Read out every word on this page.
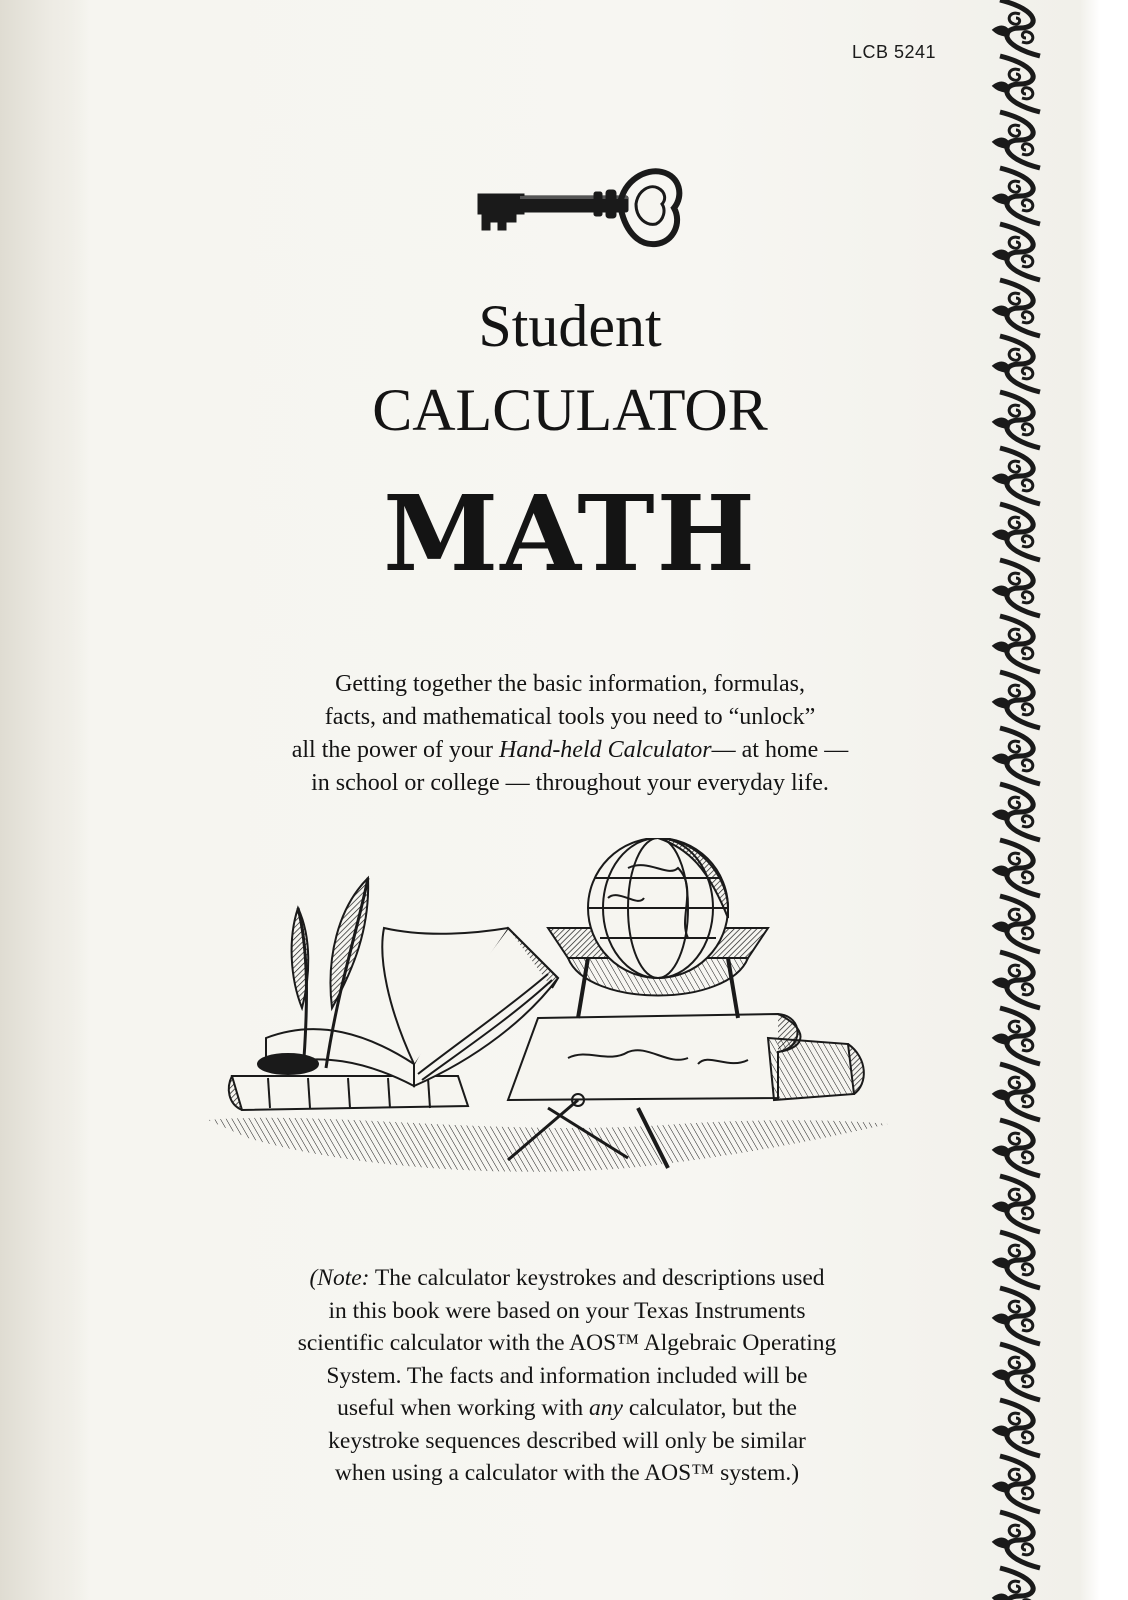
LCB 5241
Student
CALCULATOR
MATH
Getting together the basic information, formulas,
facts, and mathematical tools you need to “unlock”
all the power of your Hand-held Calculator— at home —
in school or college — throughout your everyday life.
(Note: The calculator keystrokes and descriptions used
in this book were based on your Texas Instruments
scientific calculator with the AOS™ Algebraic Operating
System. The facts and information included will be
useful when working with any calculator, but the
keystroke sequences described will only be similar
when using a calculator with the AOS™ system.)
